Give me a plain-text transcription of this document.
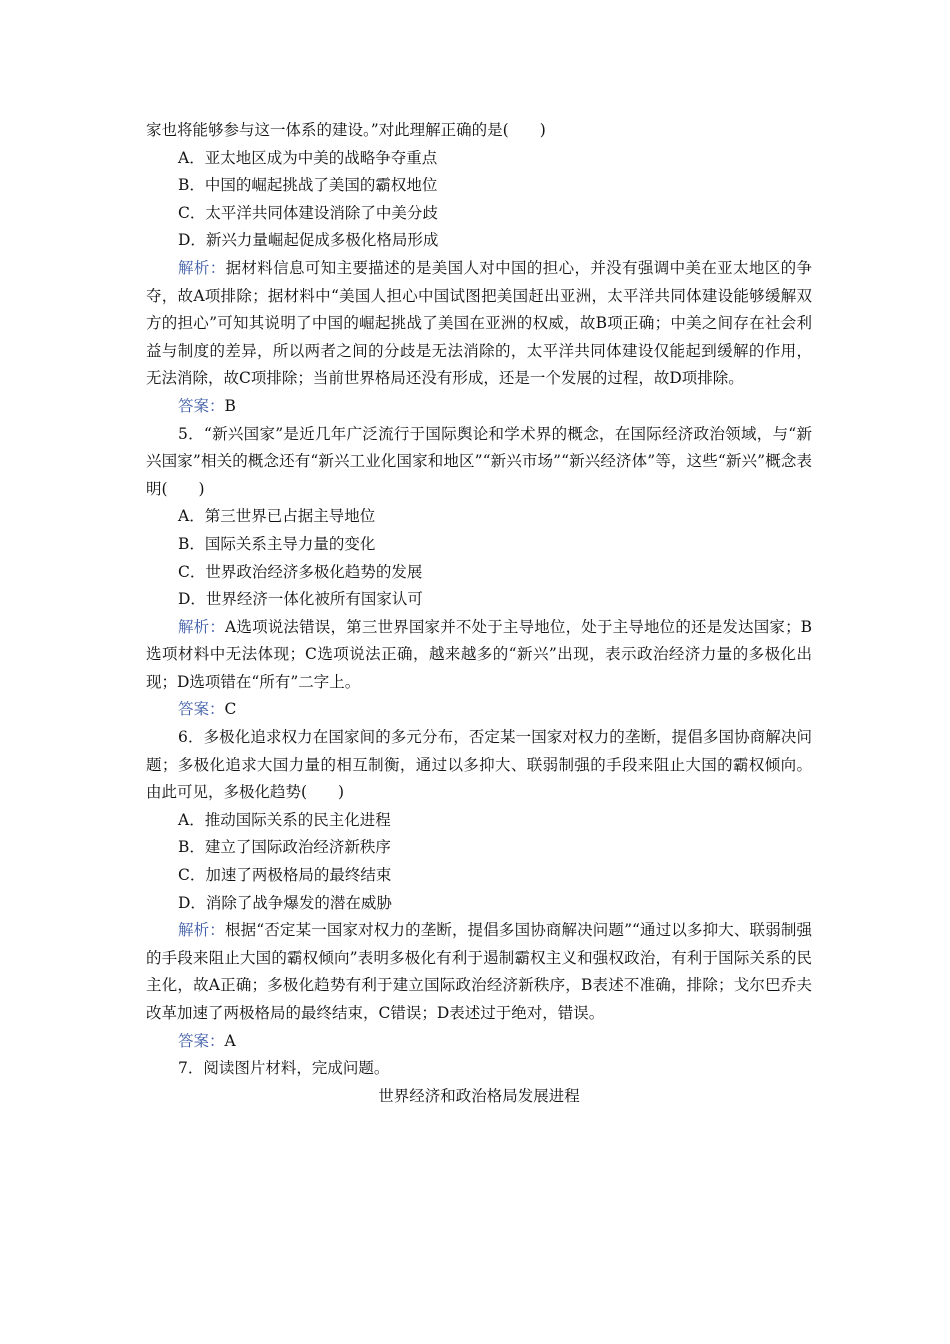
家也将能够参与这一体系的建设。”对此理解正确的是(　　)
A．亚太地区成为中美的战略争夺重点
B．中国的崛起挑战了美国的霸权地位
C．太平洋共同体建设消除了中美分歧
D．新兴力量崛起促成多极化格局形成
解析：据材料信息可知主要描述的是美国人对中国的担心，并没有强调中美在亚太地区的争夺，故A项排除；据材料中“美国人担心中国试图把美国赶出亚洲，太平洋共同体建设能够缓解双方的担心”可知其说明了中国的崛起挑战了美国在亚洲的权威，故B项正确；中美之间存在社会利益与制度的差异，所以两者之间的分歧是无法消除的，太平洋共同体建设仅能起到缓解的作用，无法消除，故C项排除；当前世界格局还没有形成，还是一个发展的过程，故D项排除。
答案：B
5．“新兴国家”是近几年广泛流行于国际舆论和学术界的概念，在国际经济政治领域，与“新兴国家”相关的概念还有“新兴工业化国家和地区”“新兴市场”“新兴经济体”等，这些“新兴”概念表明(　　)
A．第三世界已占据主导地位
B．国际关系主导力量的变化
C．世界政治经济多极化趋势的发展
D．世界经济一体化被所有国家认可
解析：A选项说法错误，第三世界国家并不处于主导地位，处于主导地位的还是发达国家；B选项材料中无法体现；C选项说法正确，越来越多的“新兴”出现，表示政治经济力量的多极化出现；D选项错在“所有”二字上。
答案：C
6．多极化追求权力在国家间的多元分布，否定某一国家对权力的垄断，提倡多国协商解决问题；多极化追求大国力量的相互制衡，通过以多抑大、联弱制强的手段来阻止大国的霸权倾向。由此可见，多极化趋势(　　)
A．推动国际关系的民主化进程
B．建立了国际政治经济新秩序
C．加速了两极格局的最终结束
D．消除了战争爆发的潜在威胁
解析：根据“否定某一国家对权力的垄断，提倡多国协商解决问题”“通过以多抑大、联弱制强的手段来阻止大国的霸权倾向”表明多极化有利于遏制霸权主义和强权政治，有利于国际关系的民主化，故A正确；多极化趋势有利于建立国际政治经济新秩序，B表述不准确，排除；戈尔巴乔夫改革加速了两极格局的最终结束，C错误；D表述过于绝对，错误。
答案：A
7．阅读图片材料，完成问题。
世界经济和政治格局发展进程
